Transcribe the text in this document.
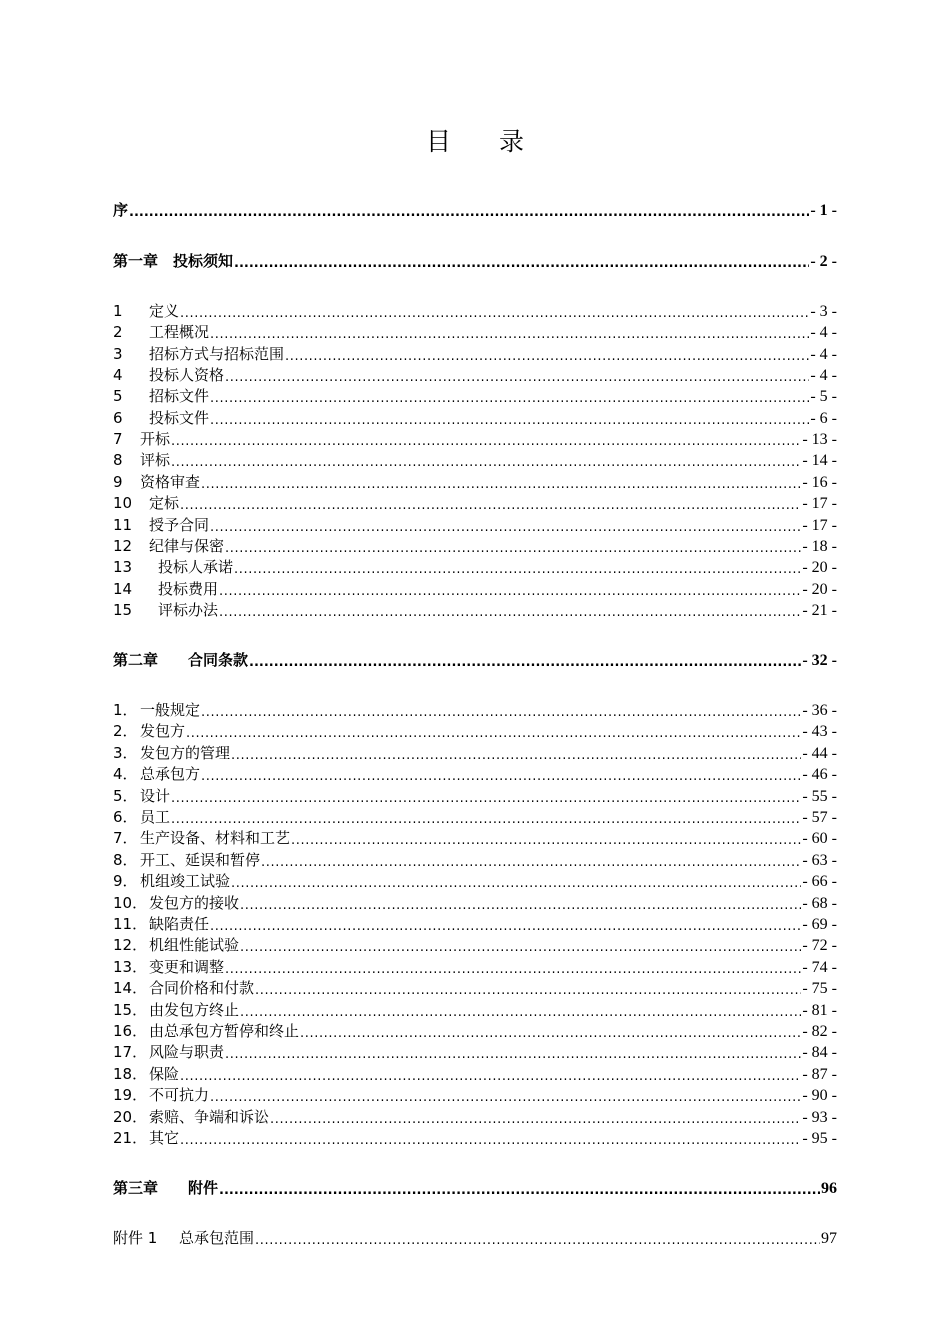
目 录
序 .....	- 1 -
第一章　投标须知 .....	- 2 -
1 定义 .....	- 3 -
2 工程概况 .....	- 4 -
3 招标方式与招标范围 .....	- 4 -
4 投标人资格 .....	- 4 -
5 招标文件 .....	- 5 -
6 投标文件 .....	- 6 -
7 开标 .....	- 13 -
8 评标 .....	- 14 -
9 资格审查 .....	- 16 -
10 定标 .....	- 17 -
11 授予合同 .....	- 17 -
12 纪律与保密 .....	- 18 -
13 投标人承诺 .....	- 20 -
14 投标费用 .....	- 20 -
15 评标办法 .....	- 21 -
第二章　　合同条款 .....	- 32 -
1． 一般规定 .....	- 36 -
2． 发包方 .....	- 43 -
3． 发包方的管理 .....	- 44 -
4． 总承包方 .....	- 46 -
5． 设计 .....	- 55 -
6． 员工 .....	- 57 -
7． 生产设备、材料和工艺 .....	- 60 -
8． 开工、延误和暂停 .....	- 63 -
9． 机组竣工试验 .....	- 66 -
10． 发包方的接收 .....	- 68 -
11． 缺陷责任 .....	- 69 -
12． 机组性能试验 .....	- 72 -
13． 变更和调整 .....	- 74 -
14． 合同价格和付款 .....	- 75 -
15． 由发包方终止 .....	- 81 -
16． 由总承包方暂停和终止 .....	- 82 -
17． 风险与职责 .....	- 84 -
18． 保险 .....	- 87 -
19． 不可抗力 .....	- 90 -
20． 索赔、争端和诉讼 .....	- 93 -
21． 其它 .....	- 95 -
第三章　　附件 .....	96
附件 1 总承包范围 .....	97
